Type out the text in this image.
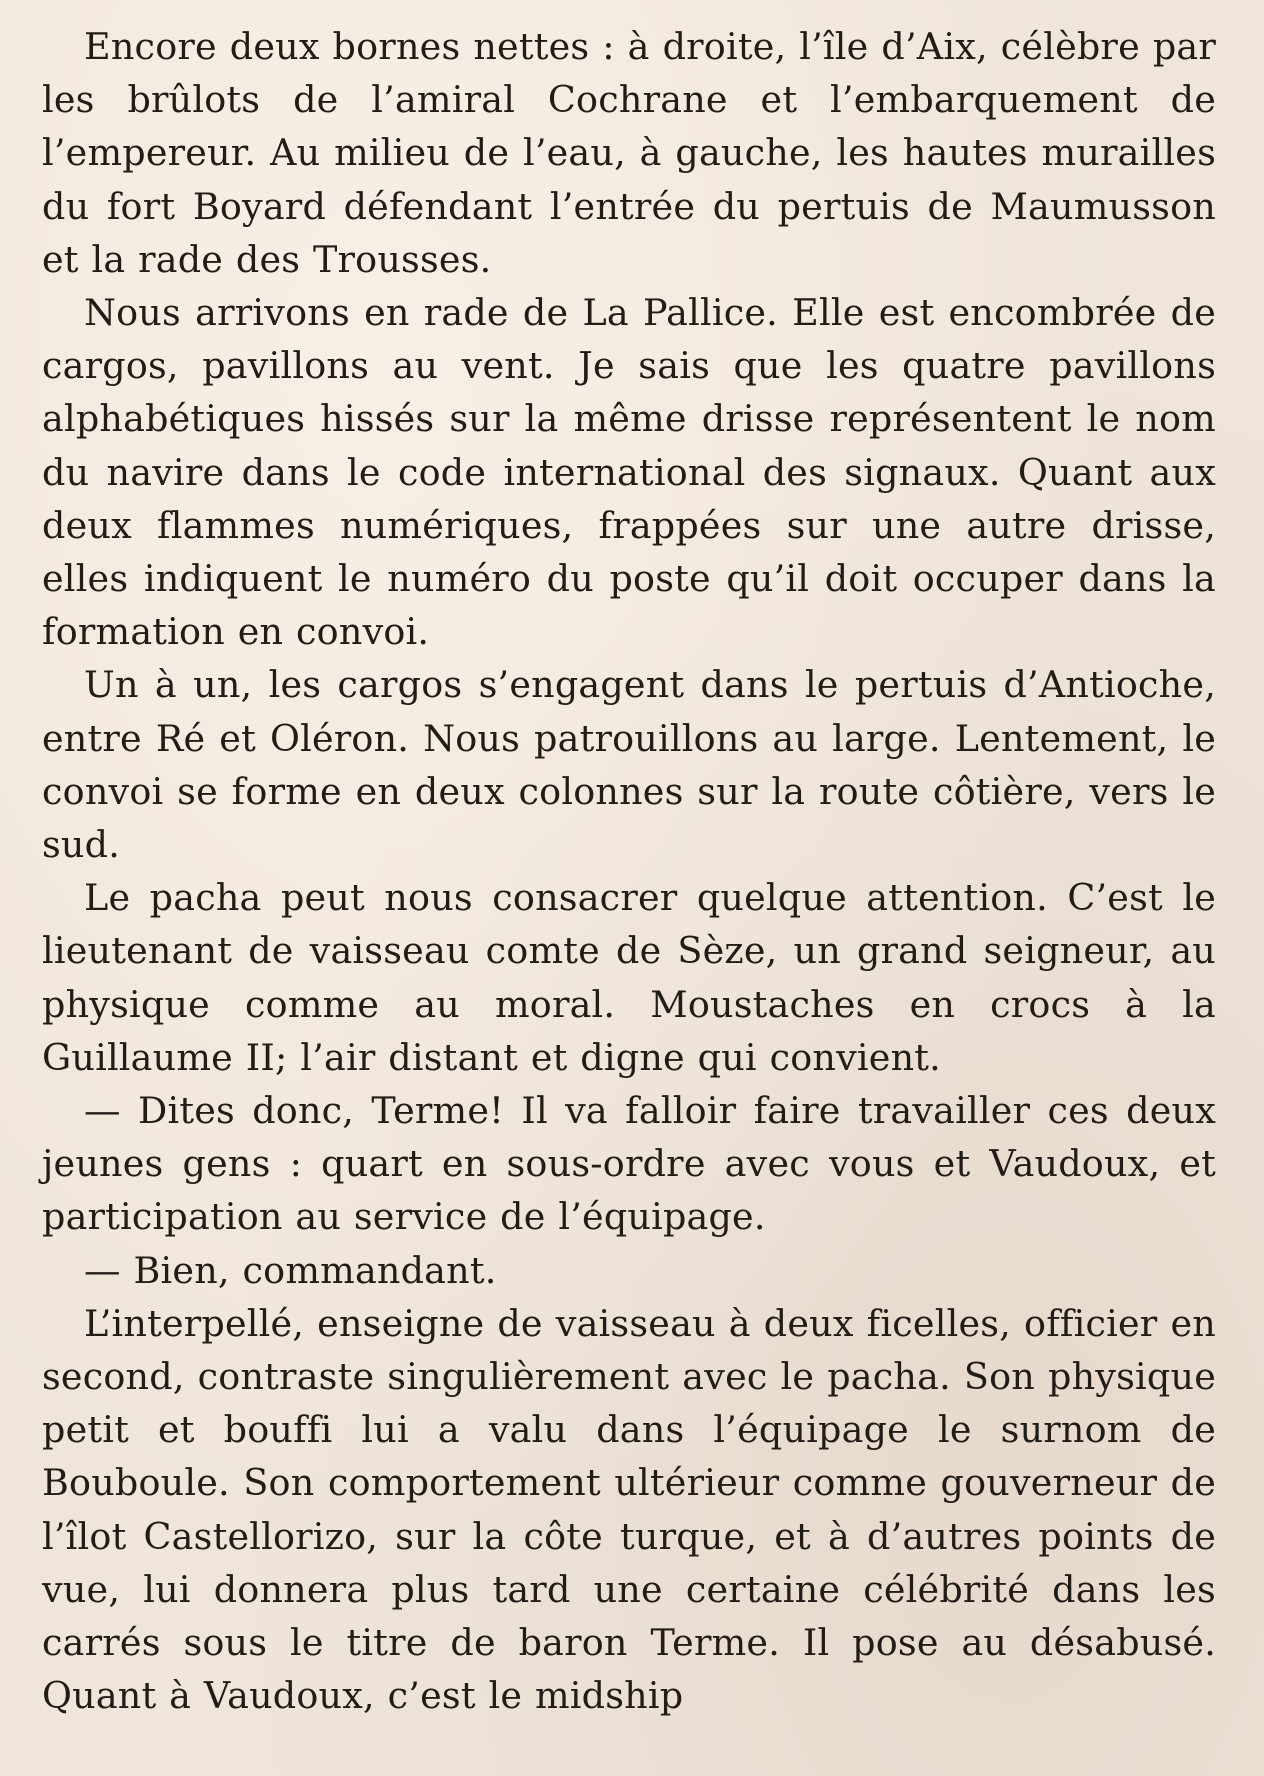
Encore deux bornes nettes : à droite, l’île d’Aix, célèbre par les brûlots de l’amiral Cochrane et l’embarquement de l’empereur. Au milieu de l’eau, à gauche, les hautes murailles du fort Boyard défendant l’entrée du pertuis de Maumusson et la rade des Trousses.

Nous arrivons en rade de La Pallice. Elle est encombrée de cargos, pavillons au vent. Je sais que les quatre pavillons alphabétiques hissés sur la même drisse représentent le nom du navire dans le code international des signaux. Quant aux deux flammes numériques, frappées sur une autre drisse, elles indiquent le numéro du poste qu’il doit occuper dans la formation en convoi.

Un à un, les cargos s’engagent dans le pertuis d’Antioche, entre Ré et Oléron. Nous patrouillons au large. Lentement, le convoi se forme en deux colonnes sur la route côtière, vers le sud.

Le pacha peut nous consacrer quelque attention. C’est le lieutenant de vaisseau comte de Sèze, un grand seigneur, au physique comme au moral. Moustaches en crocs à la Guillaume II; l’air distant et digne qui convient.

— Dites donc, Terme! Il va falloir faire travailler ces deux jeunes gens : quart en sous-ordre avec vous et Vaudoux, et participation au service de l’équipage.

— Bien, commandant.

L’interpellé, enseigne de vaisseau à deux ficelles, officier en second, contraste singulièrement avec le pacha. Son physique petit et bouffi lui a valu dans l’équipage le surnom de Bouboule. Son comportement ultérieur comme gouverneur de l’îlot Castellorizo, sur la côte turque, et à d’autres points de vue, lui donnera plus tard une certaine célébrité dans les carrés sous le titre de baron Terme. Il pose au désabusé. Quant à Vaudoux, c’est le midship
